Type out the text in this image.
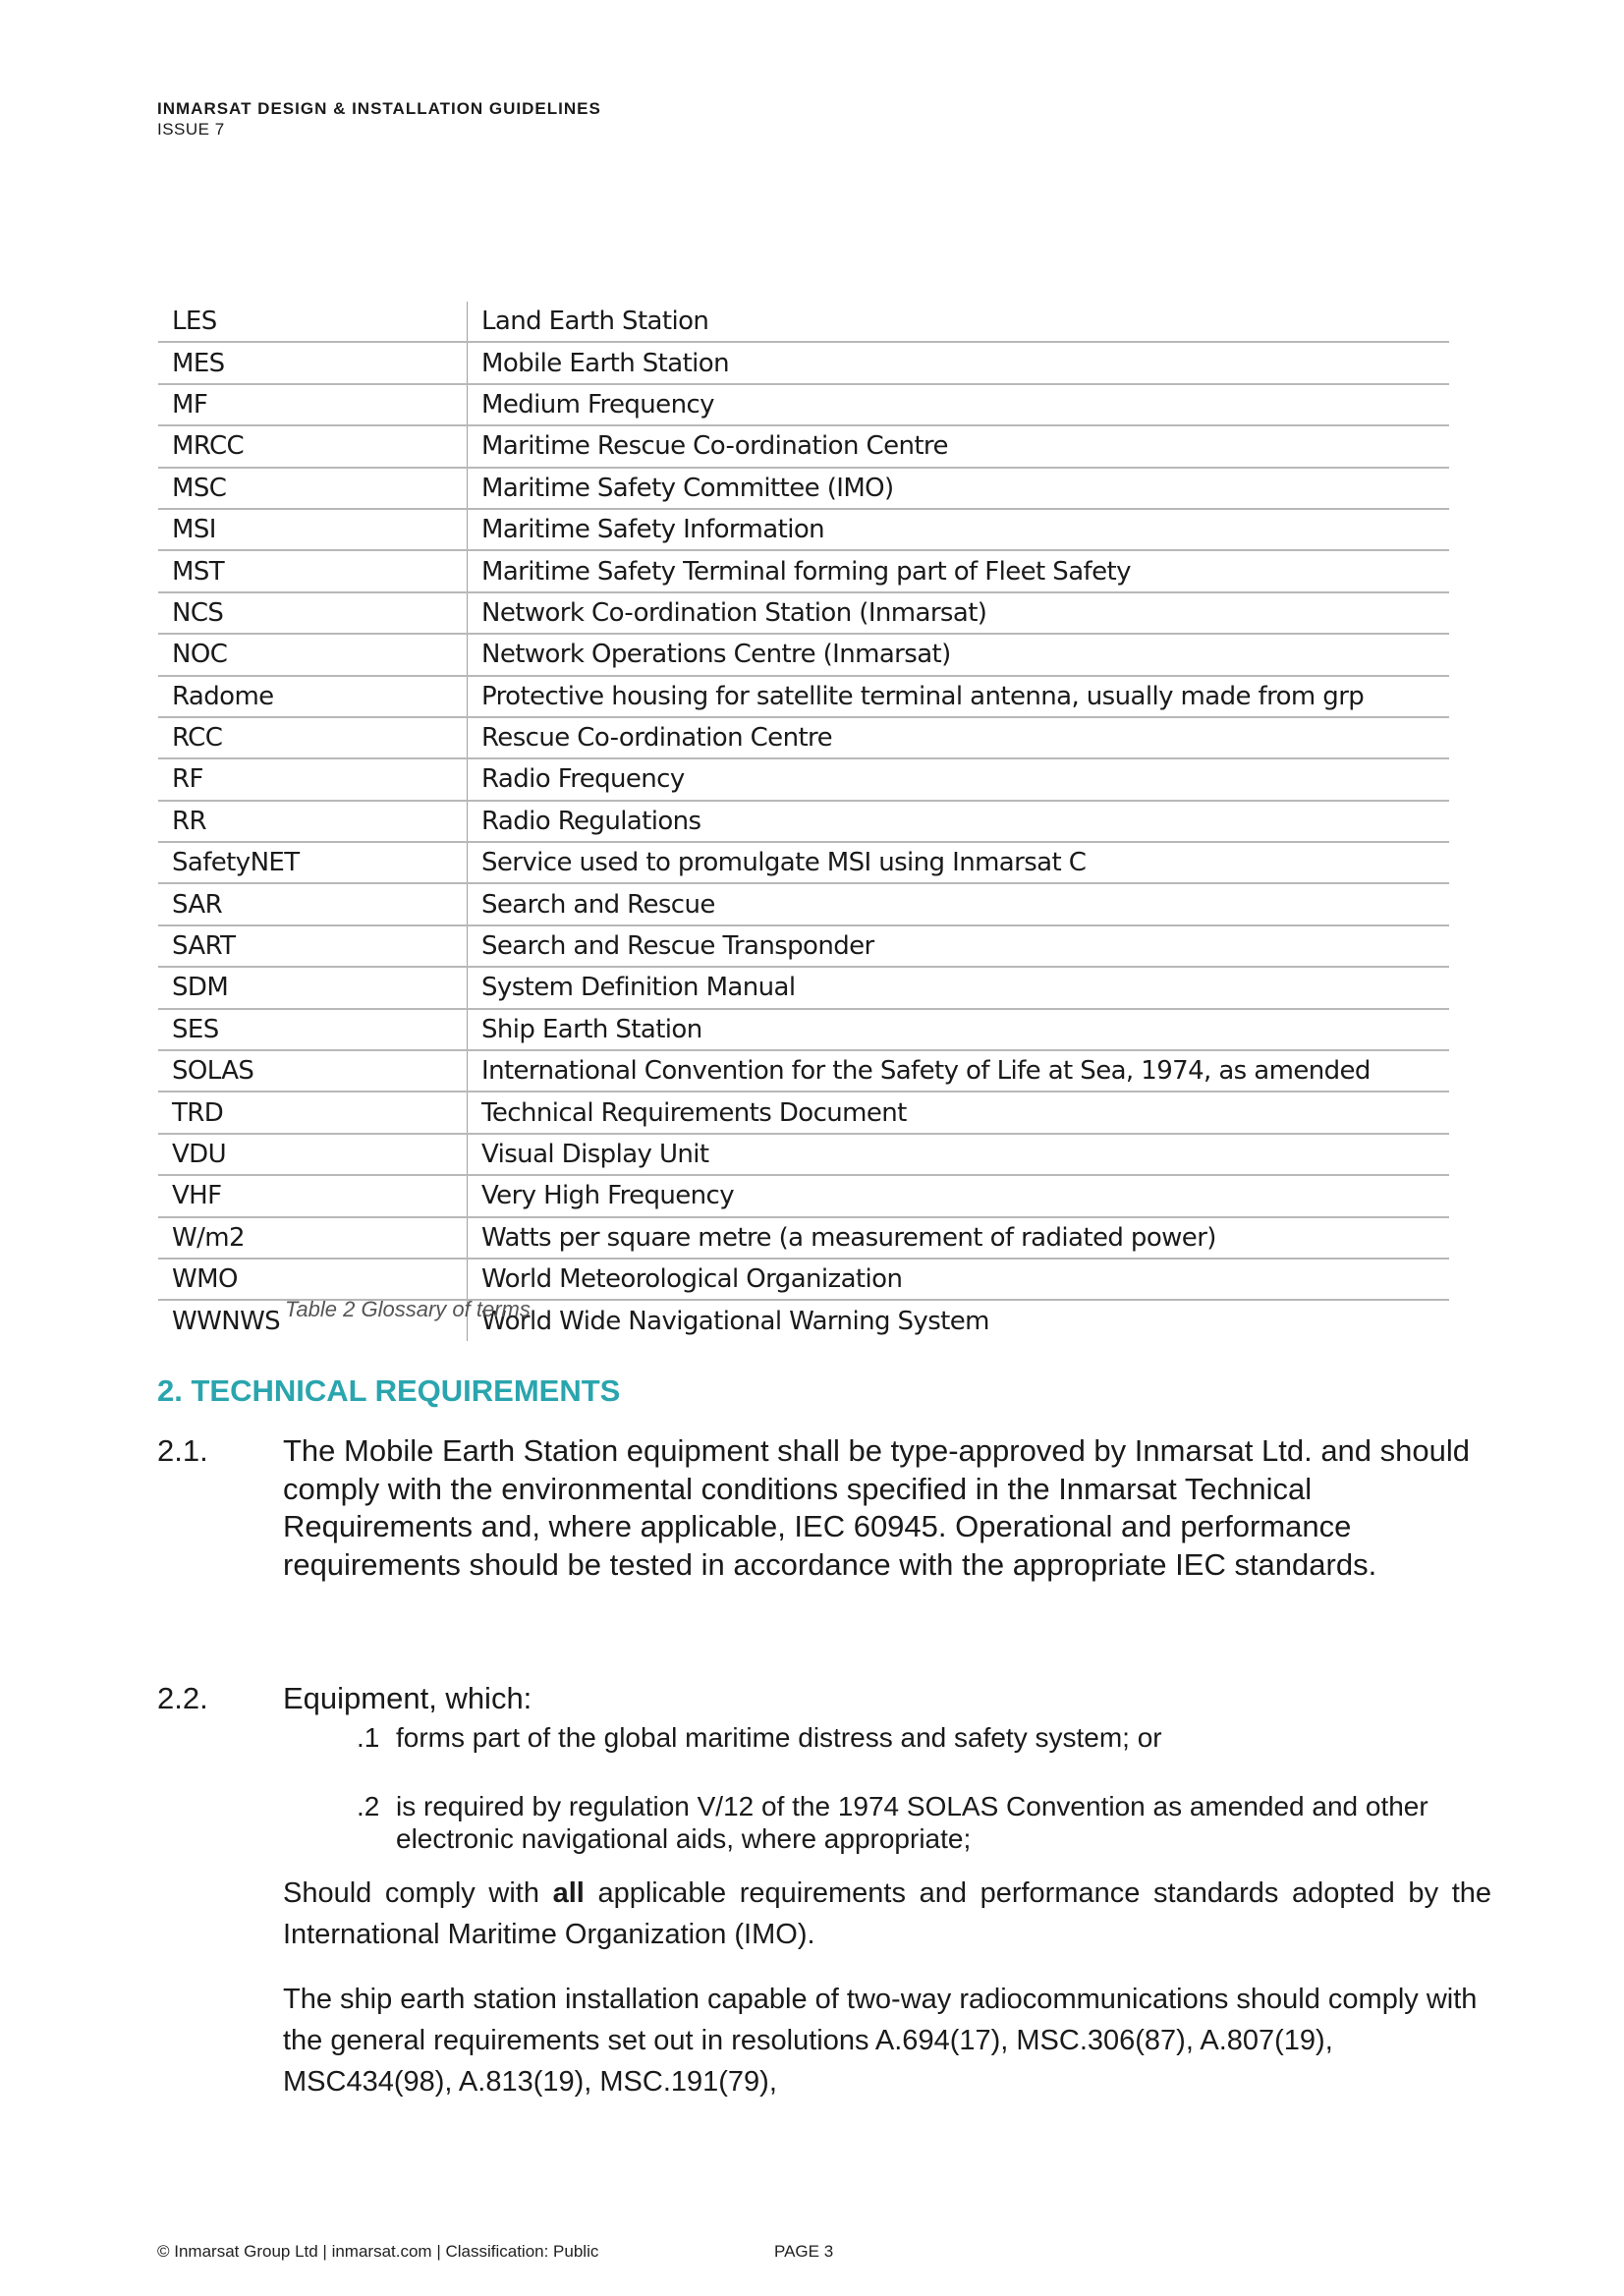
INMARSAT DESIGN & INSTALLATION GUIDELINES
ISSUE 7
LES	Land Earth Station
MES	Mobile Earth Station
MF	Medium Frequency
MRCC	Maritime Rescue Co-ordination Centre
MSC	Maritime Safety Committee (IMO)
MSI	Maritime Safety Information
MST	Maritime Safety Terminal forming part of Fleet Safety
NCS	Network Co-ordination Station (Inmarsat)
NOC	Network Operations Centre (Inmarsat)
Radome	Protective housing for satellite terminal antenna, usually made from grp
RCC	Rescue Co-ordination Centre
RF	Radio Frequency
RR	Radio Regulations
SafetyNET	Service used to promulgate MSI using Inmarsat C
SAR	Search and Rescue
SART	Search and Rescue Transponder
SDM	System Definition Manual
SES	Ship Earth Station
SOLAS	International Convention for the Safety of Life at Sea, 1974, as amended
TRD	Technical Requirements Document
VDU	Visual Display Unit
VHF	Very High Frequency
W/m2	Watts per square metre (a measurement of radiated power)
WMO	World Meteorological Organization
WWNWS	World Wide Navigational Warning System
Table 2 Glossary of terms
2. TECHNICAL REQUIREMENTS
2.1. The Mobile Earth Station equipment shall be type-approved by Inmarsat Ltd. and should comply with the environmental conditions specified in the Inmarsat Technical Requirements and, where applicable, IEC 60945. Operational and performance requirements should be tested in accordance with the appropriate IEC standards.
2.2. Equipment, which:
.1 forms part of the global maritime distress and safety system; or
.2 is required by regulation V/12 of the 1974 SOLAS Convention as amended and other electronic navigational aids, where appropriate;
Should comply with all applicable requirements and performance standards adopted by the International Maritime Organization (IMO).
The ship earth station installation capable of two-way radiocommunications should comply with the general requirements set out in resolutions A.694(17), MSC.306(87), A.807(19), MSC434(98), A.813(19), MSC.191(79),
© Inmarsat Group Ltd | inmarsat.com | Classification: Public	PAGE 3
